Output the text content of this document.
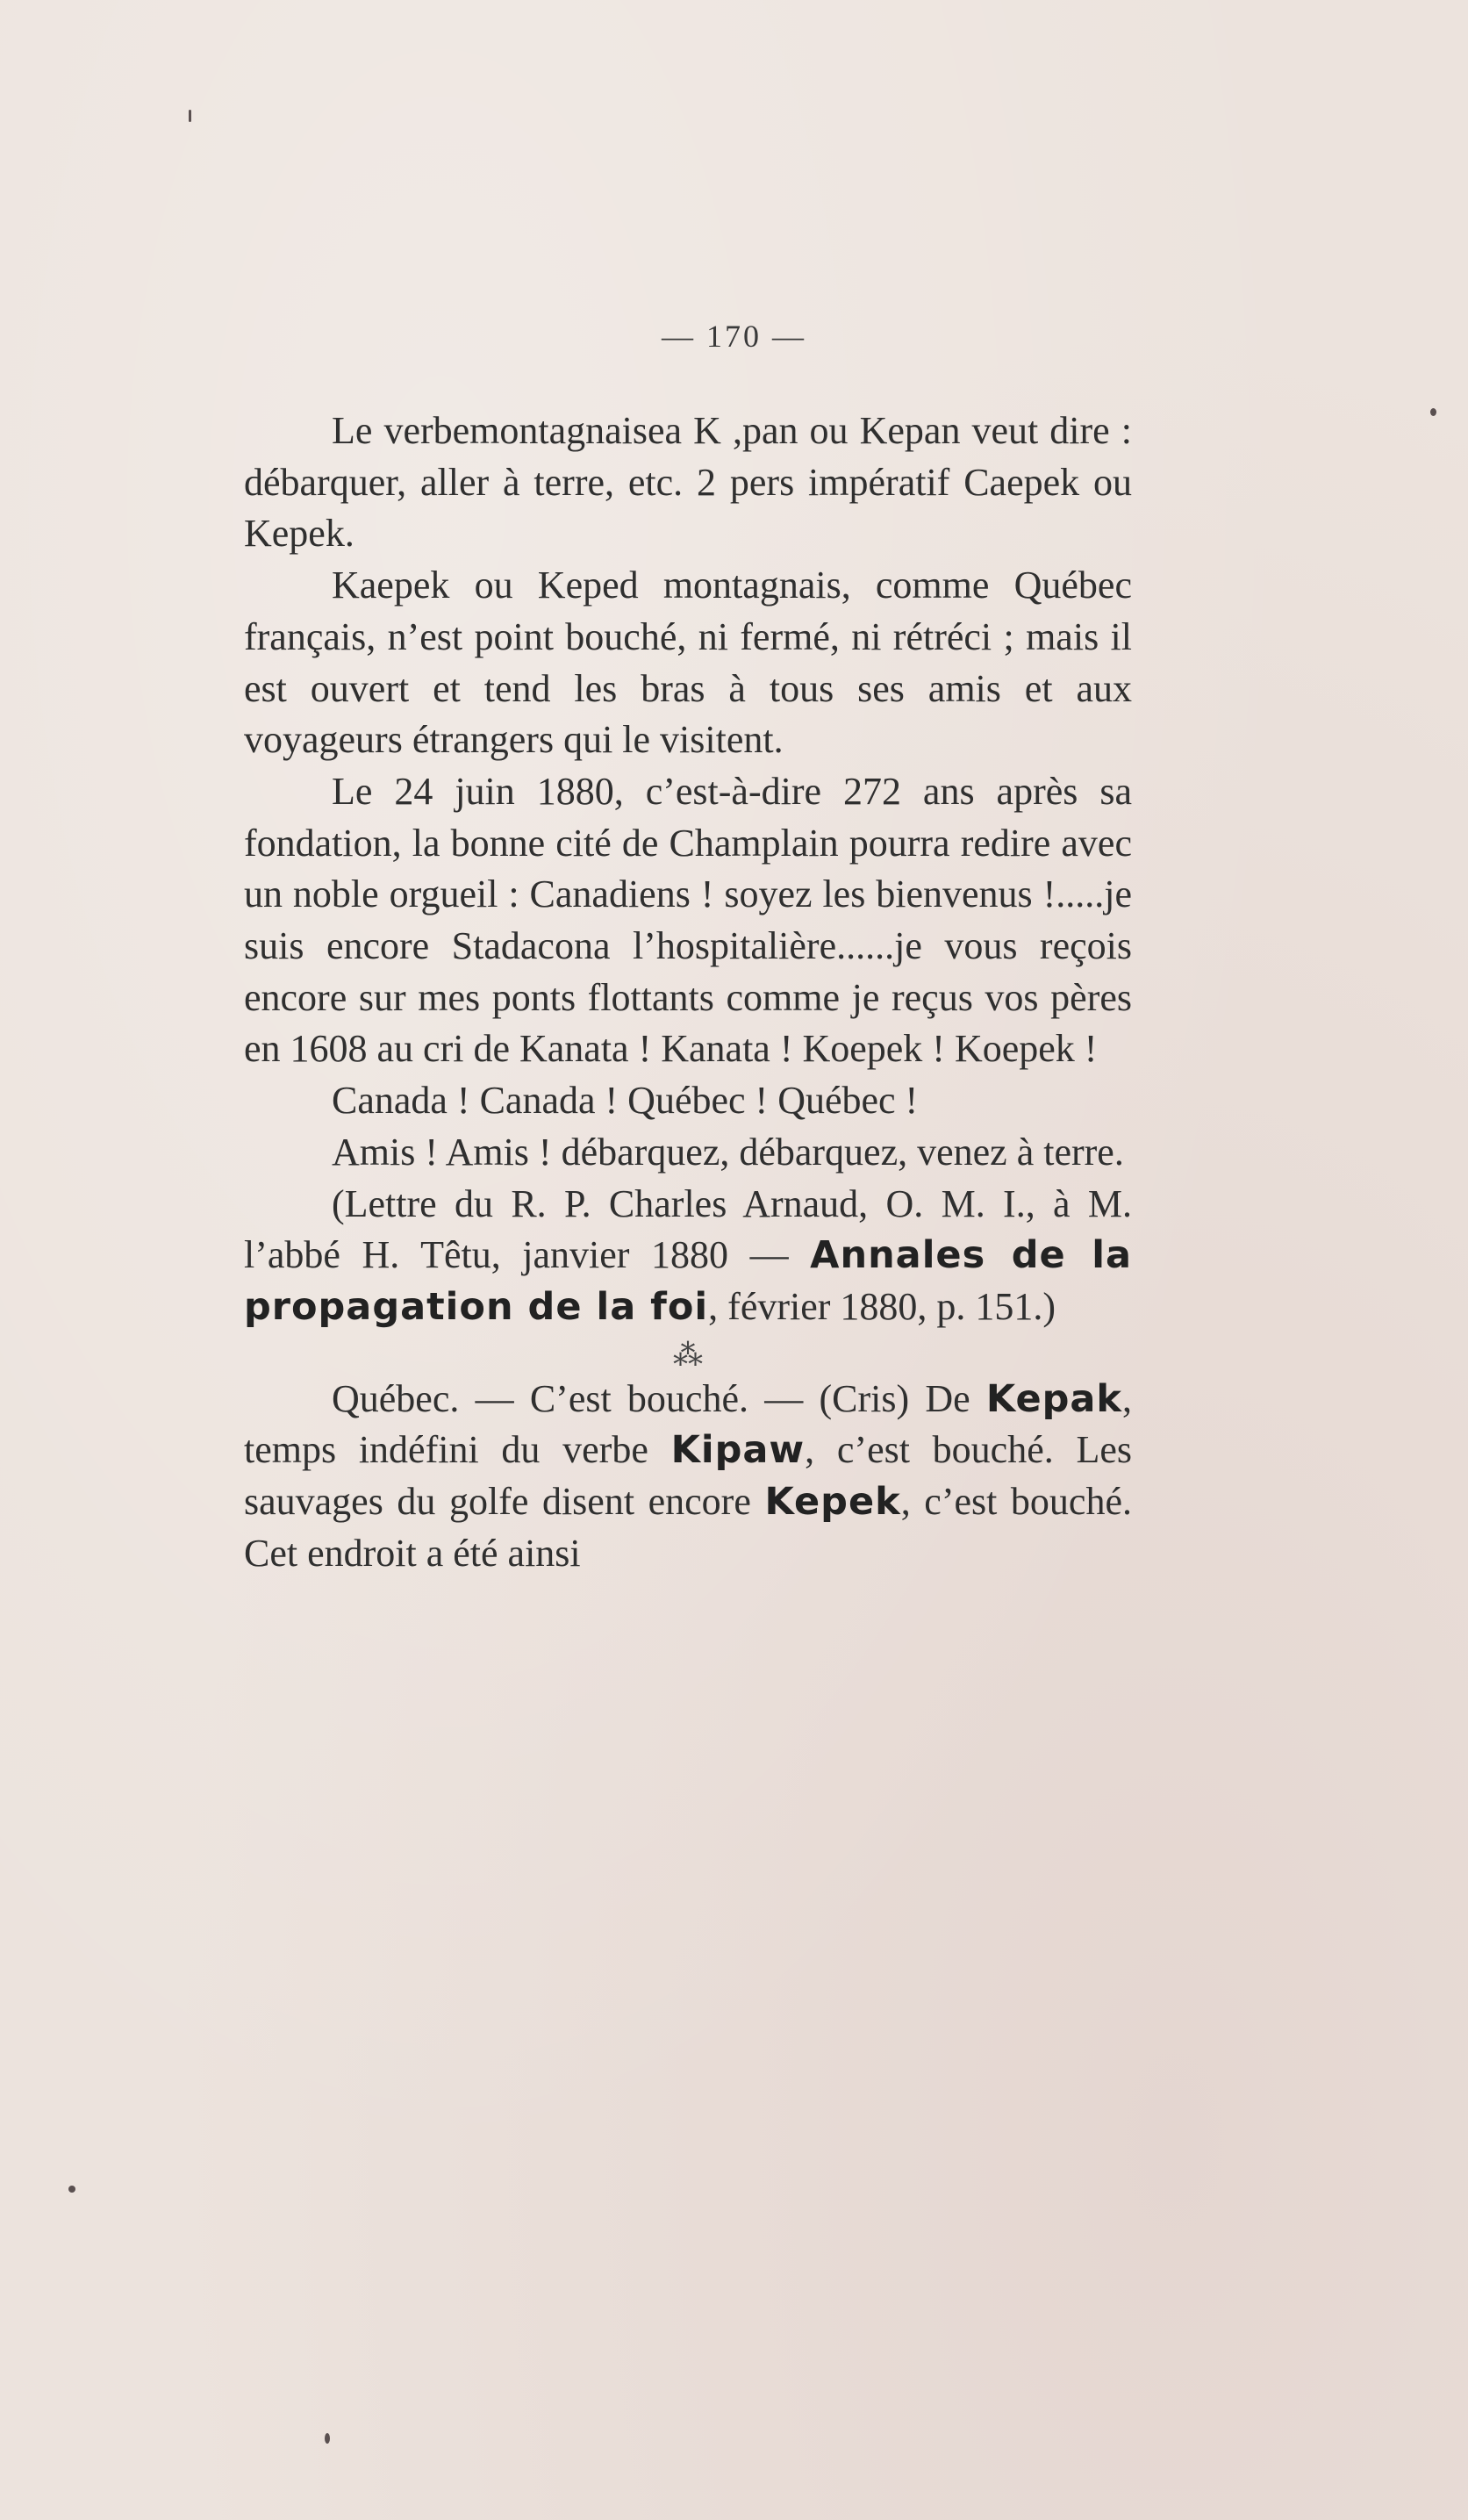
— 170 —

Le verbemontagnaisea K ,pan ou Kepan veut dire : débarquer, aller à terre, etc. 2 pers impératif Caepek ou Kepek.

Kaepek ou Keped montagnais, comme Québec français, n’est point bouché, ni fermé, ni rétréci ; mais il est ouvert et tend les bras à tous ses amis et aux voyageurs étrangers qui le visitent.

Le 24 juin 1880, c’est-à-dire 272 ans après sa fondation, la bonne cité de Champlain pourra redire avec un noble orgueil : Canadiens ! soyez les bienvenus !.....je suis encore Stadacona l’hospitalière......je vous reçois encore sur mes ponts flottants comme je reçus vos pères en 1608 au cri de Kanata ! Kanata ! Koepek ! Koepek !

Canada ! Canada ! Québec ! Québec !

Amis ! Amis ! débarquez, débarquez, venez à terre.

(Lettre du R. P. Charles Arnaud, O. M. I., à M. l’abbé H. Têtu, janvier 1880 — Annales de la propagation de la foi, février 1880, p. 151.)

⁂

Québec. — C’est bouché. — (Cris) De Kepak, temps indéfini du verbe Kipaw, c’est bouché. Les sauvages du golfe disent encore Kepek, c’est bouché. Cet endroit a été ainsi
